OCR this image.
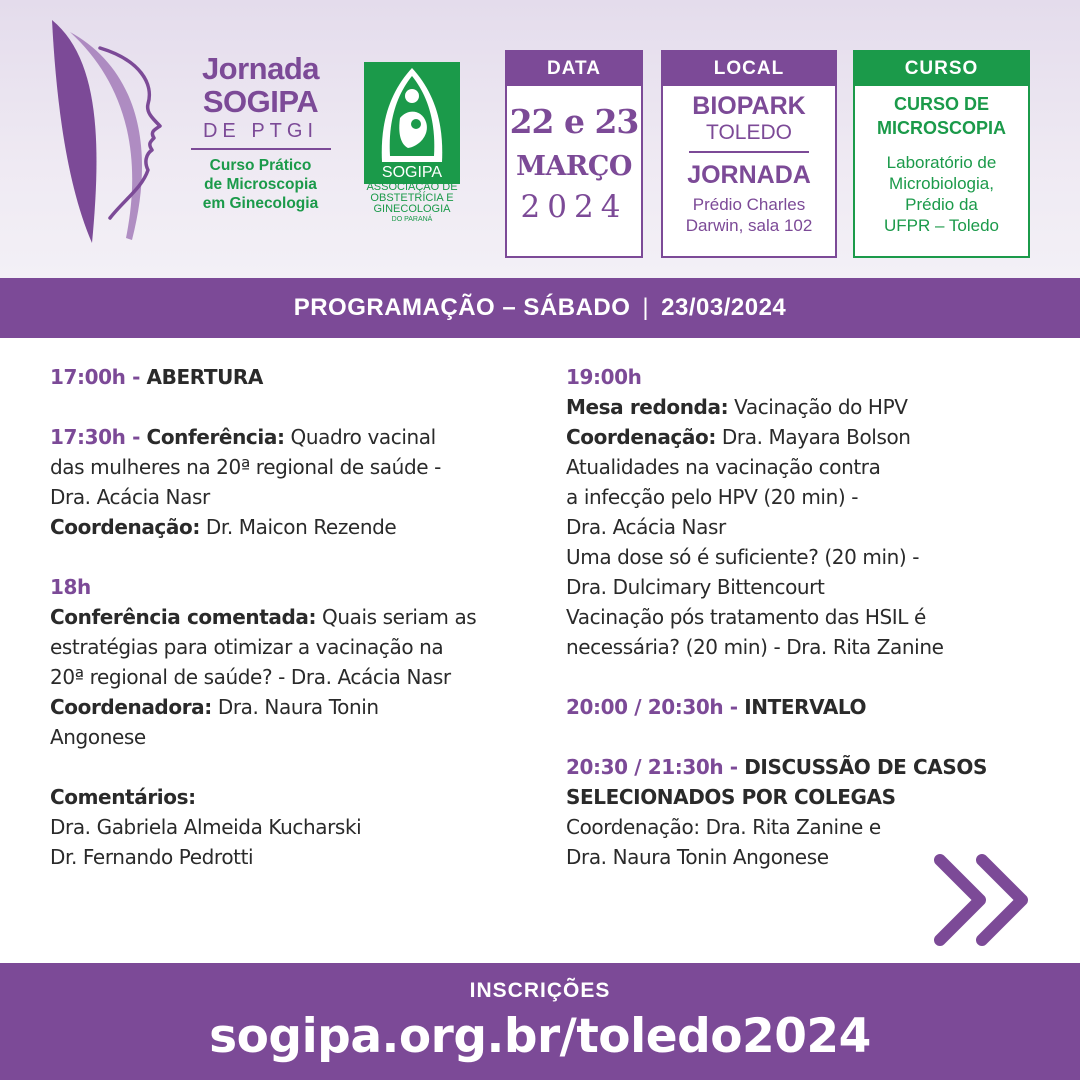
Jornada
SOGIPA
DE PTGI
Curso Prático
de Microscopia
em Ginecologia
SOGIPA
ASSOCIAÇÃO DE
OBSTETRÍCIA E
GINECOLOGIA
DO PARANÁ
DATA
22 e 23
MARÇO
2024
LOCAL
BIOPARK
TOLEDO
JORNADA
Prédio Charles
Darwin, sala 102
CURSO
CURSO DE
MICROSCOPIA
Laboratório de
Microbiologia,
Prédio da
UFPR – Toledo
PROGRAMAÇÃO – SÁBADO | 23/03/2024

17:00h - ABERTURA

17:30h - Conferência: Quadro vacinal

das mulheres na 20ª regional de saúde -

Dra. Acácia Nasr

Coordenação: Dr. Maicon Rezende

18h

Conferência comentada: Quais seriam as

estratégias para otimizar a vacinação na

20ª regional de saúde? - Dra. Acácia Nasr

Coordenadora: Dra. Naura Tonin

Angonese

Comentários:

Dra. Gabriela Almeida Kucharski

Dr. Fernando Pedrotti

19:00h

Mesa redonda: Vacinação do HPV

Coordenação: Dra. Mayara Bolson

Atualidades na vacinação contra

a infecção pelo HPV (20 min) -

Dra. Acácia Nasr

Uma dose só é suficiente? (20 min) -

Dra. Dulcimary Bittencourt

Vacinação pós tratamento das HSIL é

necessária? (20 min) - Dra. Rita Zanine

20:00 / 20:30h - INTERVALO

20:30 / 21:30h - DISCUSSÃO DE CASOS

SELECIONADOS POR COLEGAS

Coordenação: Dra. Rita Zanine e

Dra. Naura Tonin Angonese

INSCRIÇÕES
sogipa.org.br/toledo2024
